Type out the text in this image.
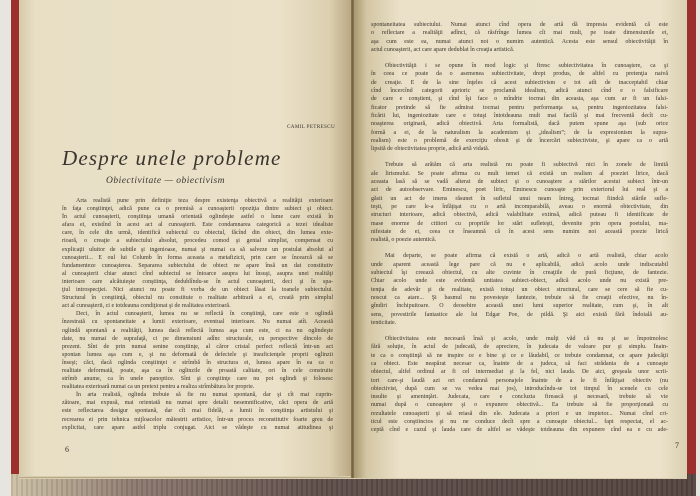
CAMIL PETRESCU
Despre unele probleme
Obiectivitate — obiectivism
Arta realistă pune prin definiţie teza despre existenţa obiectivă a realităţii exterioare
în faţa conştiinţei, adică pune ca o premisă a cunoaşterii opoziţia dintre subiect şi obiect.
În actul cunoaşterii, conştiinţa umană orientată oglindeşte astfel o lume care există în
afara ei, existînd în acest act al cunoaşterii. Este condamnarea categorică a tezei idealiste
care, în cele din urmă, identifică subiectul cu obiectul, făcînd din obiect, din lumea exte-
rioară, o creaţie a subiectului absolut, procedeu comod şi genial simplist, compensat cu
explicaţii uluitor de subtile şi ingenioase, numai şi numai ca să salveze un postulat absolut al
cunoaşterii... E oul lui Columb în forma aceasta a metafizicii, prin care se încearcă să se
fundamenteze cunoaşterea. Separarea subiectului de obiect ne apare însă un dat constitutiv
al cunoaşterii chiar atunci cînd subiectul se întoarce asupra lui însuşi, asupra unei realităţi
interioare care alcătuieşte conştiinţa, dedublîndu-se în actul cunoaşterii, deci şi în spa-
ţiul introspecţiei. Nici atunci nu poate fi vorba de un obiect lăsat la toanele subiectului.
Structural în conştiinţă, obiectul nu constituie o realitate arbitrară a ei, creată prin simplul
act al cunoaşterii, ci e totdeauna condiţionat şi de realitatea exterioară.
Deci, în actul cunoaşterii, lumea nu se reflectă în conştiinţă, care este o oglindă
înzestrată cu spontaneitate a lumii exterioare, eventual interioare. Nu numai atît. Această
oglindă spontană a realităţii, lumea dacă reflectă lumea aşa cum este, ci ea nu oglindeşte
date, nu numai de suprafaţă, ci pe dimensiuni adînc structurale, cu perspective dincolo de
prezent. Sînt de prin numai senine conştiinţe, al căror cristal perfect reflectă într-un act
spontan lumea aşa cum e, şi nu deformată de defectele şi insuficienţele proprii oglinzii
înseşi; căci, dacă oglinda conştiinţei e strîmbă în structura ei, lumea apare în ea ca o
realitate deformată, poate, aşa ca în oglinzile de proastă calitate, ori în cele construite
strîmb anume, ca în unele panoptice. Sînt şi conştiinţe care nu pot oglindi şi folosesc
realitatea exterioară numai ca un pretext pentru a realiza strîmbătura lor proprie.
În arta realistă, oglinda trebuie să fie nu numai spontană, dar şi cît mai cuprin-
zătoare, mai expusă, mai orientată nu numai spre detalii nesemnificative, căci opera de artă
este reflectarea desigur spontană, dar cît mai fidelă, a lumii în conştiinţa artistului şi
recrearea ei prin tehnica mijloacelor măiestrit artistice, într-un proces reconstitutiv foarte greu de
explicitat, care apare astfel triplu conjugat. Aici se vădeşte cu numai atitudinea şi
6
spontaneitatea subiectului. Numai atunci cînd opera de artă dă impresia evidentă că este
o reflectare a realităţii adînci, că răsfrînge lumea cît mai mult, pe toate dimensiunile ei,
aşa cum este ea, numai atunci noi o numim autentică. Acesta este sensul obiectivităţii în
actul cunoaşterii, act care apare dedublat în creaţia artistică.
Obiectivităţii i se opune în mod logic şi firesc subiectivitatea în cunoaştere, ca şi
în ceea ce poate da o asemenea subiectivitate, drept produs, de altfel cu pretenţia naivă
de creaţie. E de la sine înţeles că acest subiectivism e tot atît de inacceptabil chiar
cînd încercînd categorii aprioric se proclamă idealism, adică atunci cînd e o falsificare
de care e conştient, şi cînd îşi face o mîndrie tocmai din aceasta, aşa cum ar fi un falsi-
ficator pretinde să fie admirat tocmai pentru performanţa sa, pentru ingeniozitatea falsi-
ficării lui, ingeniozitate care e totuşi întotdeauna mult mai facilă şi mai frecventă decît cu-
noaşterea originară, adică obiectivă. Arta formalistă, dacă putem spune aşa (sub orice
formă a ei, de la naturalism la academism şi „idealism”; de la expresionism la supra-
realism) este o problemă de exerciţiu obosit şi de încercări subiectiviste, şi apare ca o artă
lipsită de obiectivitatea proprie, adică artă vidată.
Trebuie să arătăm că arta realistă nu poate fi subiectivă nici în zonele de limită
ale lirismului. Se poate afirma cu mult temei că există un realism al poeziei lirice, dacă
aceasta lasă să se vadă alterat de subiect şi o cunoaştere a stărilor acestui subiect într-un
act de autoobservare. Eminescu, poet liric, Eminescu cunoaşte prin exteriorul lui real şi a
găsit un act de imens răsunet în sufletul unui neam întreg, tocmai fiindcă stările sufle-
teşti, pe care le-a înfăţişat cu o artă incomparabilă, aveau o enormă obiectivitate, din
structuri interioare, adică obiectivă, adică valabilitate extinsă, adică puteau fi identificate de
mase enorme de cititori cu propriile lor stări sufleteşti, devenite prin opera poetului, ma-
nifestate de ei, ceea ce înseamnă că în acest sens numim noi această poezie lirică
realistă, o poezie autentică.
Mai departe, se poate afirma că există o artă, adică o artă realistă, chiar acolo
unde aparent această lege pare că nu e aplicabilă, adică acolo unde indiscutabil
subiectul îşi creează obiectul, cu alte cuvinte în creaţiile de pură ficţiune, de fantezie.
Chiar acolo unde este evidentă unitatea subiect-obiect, adică acolo unde nu există pre-
tenţia de adevăr şi de realitate, există totuşi un obiect structural, care se cere să fie cu-
noscut ca atare... Şi basmul nu povesteşte fantezie, trebuie să fie creaţii efective, nu în-
gîndiri închipuitoare. O deosebire această unei lumi superior realitate, cum şi, în alt
sens, povestirile fantastice ale lui Edgar Poe, de pildă. Şi aici există fără îndoială au-
tenticitate.
Obiectivitatea este necesară însă şi acolo, unde mulţi văd că nu şi se împotmolesc
fără soluţie, în actul de judecată, de apreciere, în judecata de valoare pur şi simplu. Înain-
te ca o conştiinţă să ne inspire ce e bine şi ce e lăudabil, ce trebuie condamnat, ce apare judecăţii
ca obiect. Este neapărat necesar ca, înainte de a judeca, să faci strădania de a cunoaşte
obiectul, altfel ordinul ar fi cel intermediat şi la fel, nici lauda. De aici, greşeala unor scrii-
tori care-şi laudă azi ori condamnă personajele înainte de a le fi înfăţişat obiectiv (nu
obiectivist, după cum se va vedea mai jos), introducîndu-se tot timpul în scenele cu cele
insulte şi ameninţări. Judecata, care e concluzia firească şi necesară, trebuie să vie
numai după o cunoaştere şi o expunere obiectivă... Ea trebuie să fie proporţionată cu
rezultatele cunoaşterii şi să reiasă din ele. Judecata a priori e un impietor... Numai cînd cri-
ticul este conştiincios şi nu ne conduce decît spre a cunoaşte obiectul... fapt respectat, el ac-
ceptă cînd e cazul şi lauda care de altfel se vădeşte totdeauna din expunere cînd ea e cu ade-
7
